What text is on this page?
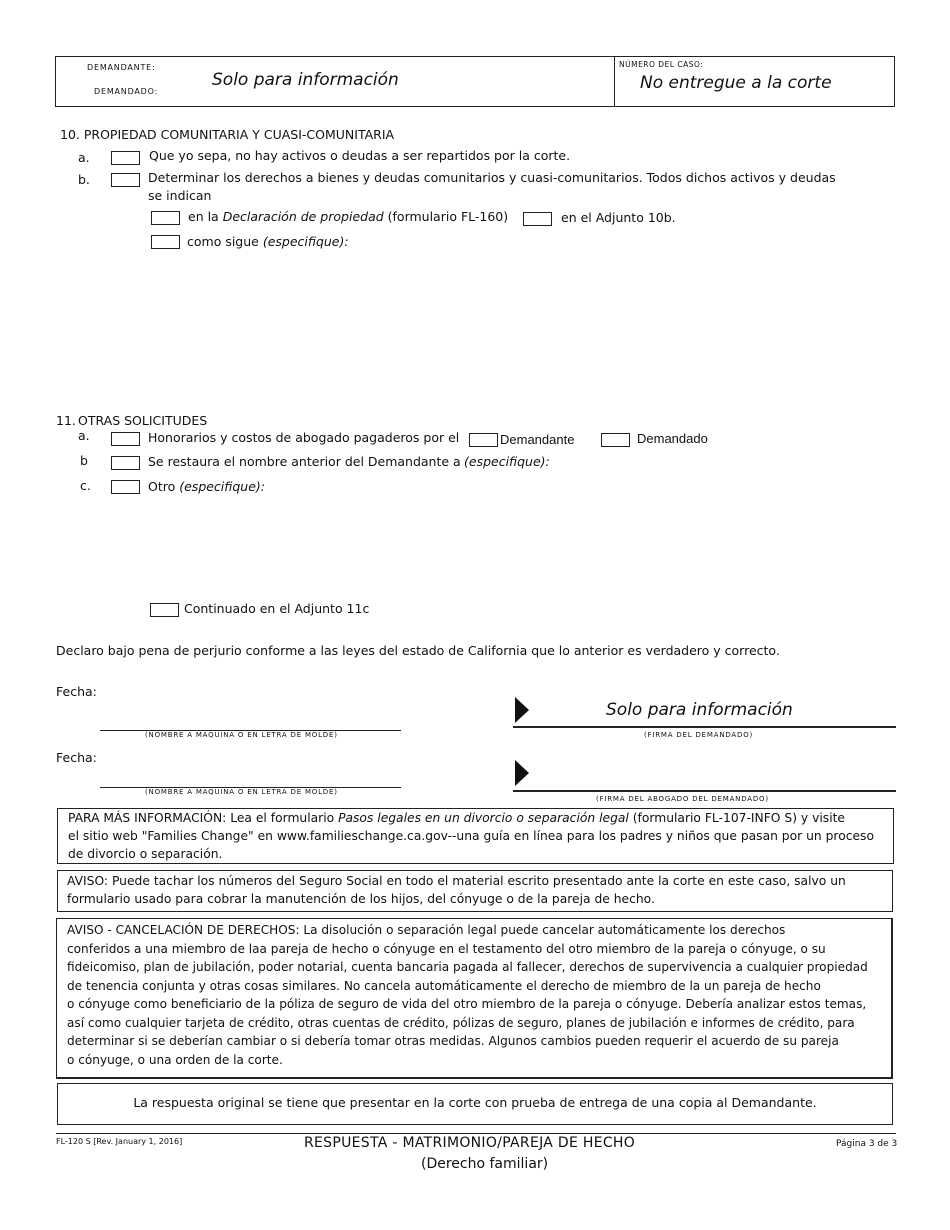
DEMANDANTE:
DEMANDADO:
Solo para información
NÚMERO DEL CASO:
No entregue a la corte
10. PROPIEDAD COMUNITARIA Y CUASI-COMUNITARIA
a.	Que yo sepa, no hay activos o deudas a ser repartidos por la corte.
b.	Determinar los derechos a bienes y deudas comunitarios y cuasi-comunitarios. Todos dichos activos y deudas
se indican
en la Declaración de propiedad (formulario FL-160)	en el Adjunto 10b.
como sigue (especifique):
11. OTRAS SOLICITUDES
a.	Honorarios y costos de abogado pagaderos por el	Demandante	Demandado
b	Se restaura el nombre anterior del Demandante a (especifique):
c.	Otro (especifique):
Continuado en el Adjunto 11c
Declaro bajo pena de perjurio conforme a las leyes del estado de California que lo anterior es verdadero y correcto.
Fecha:
(NOMBRE A MAQUINA O EN LETRA DE MOLDE)
Solo para información
(FIRMA DEL DEMANDADO)
Fecha:
(NOMBRE A MAQUINA O EN LETRA DE MOLDE)
(FIRMA DEL ABOGADO DEL DEMANDADO)
PARA MÁS INFORMACIÓN: Lea el formulario Pasos legales en un divorcio o separación legal (formulario FL-107-INFO S) y visite
el sitio web "Families Change" en www.familieschange.ca.gov--una guía en línea para los padres y niños que pasan por un proceso
de divorcio o separación.
AVISO: Puede tachar los números del Seguro Social en todo el material escrito presentado ante la corte en este caso, salvo un
formulario usado para cobrar la manutención de los hijos, del cónyuge o de la pareja de hecho.
AVISO - CANCELACIÓN DE DERECHOS: La disolución o separación legal puede cancelar automáticamente los derechos
conferidos a una miembro de laa pareja de hecho o cónyuge en el testamento del otro miembro de la pareja o cónyuge, o su
fideicomiso, plan de jubilación, poder notarial, cuenta bancaria pagada al fallecer, derechos de supervivencia a cualquier propiedad
de tenencia conjunta y otras cosas similares. No cancela automáticamente el derecho de miembro de la un pareja de hecho
o cónyuge como beneficiario de la póliza de seguro de vida del otro miembro de la pareja o cónyuge. Debería analizar estos temas,
así como cualquier tarjeta de crédito, otras cuentas de crédito, pólizas de seguro, planes de jubilación e informes de crédito, para
determinar si se deberían cambiar o si debería tomar otras medidas. Algunos cambios pueden requerir el acuerdo de su pareja
o cónyuge, o una orden de la corte.
La respuesta original se tiene que presentar en la corte con prueba de entrega de una copia al Demandante.
FL-120 S [Rev. January 1, 2016]	RESPUESTA - MATRIMONIO/PAREJA DE HECHO
(Derecho familiar)
Página 3 de 3
